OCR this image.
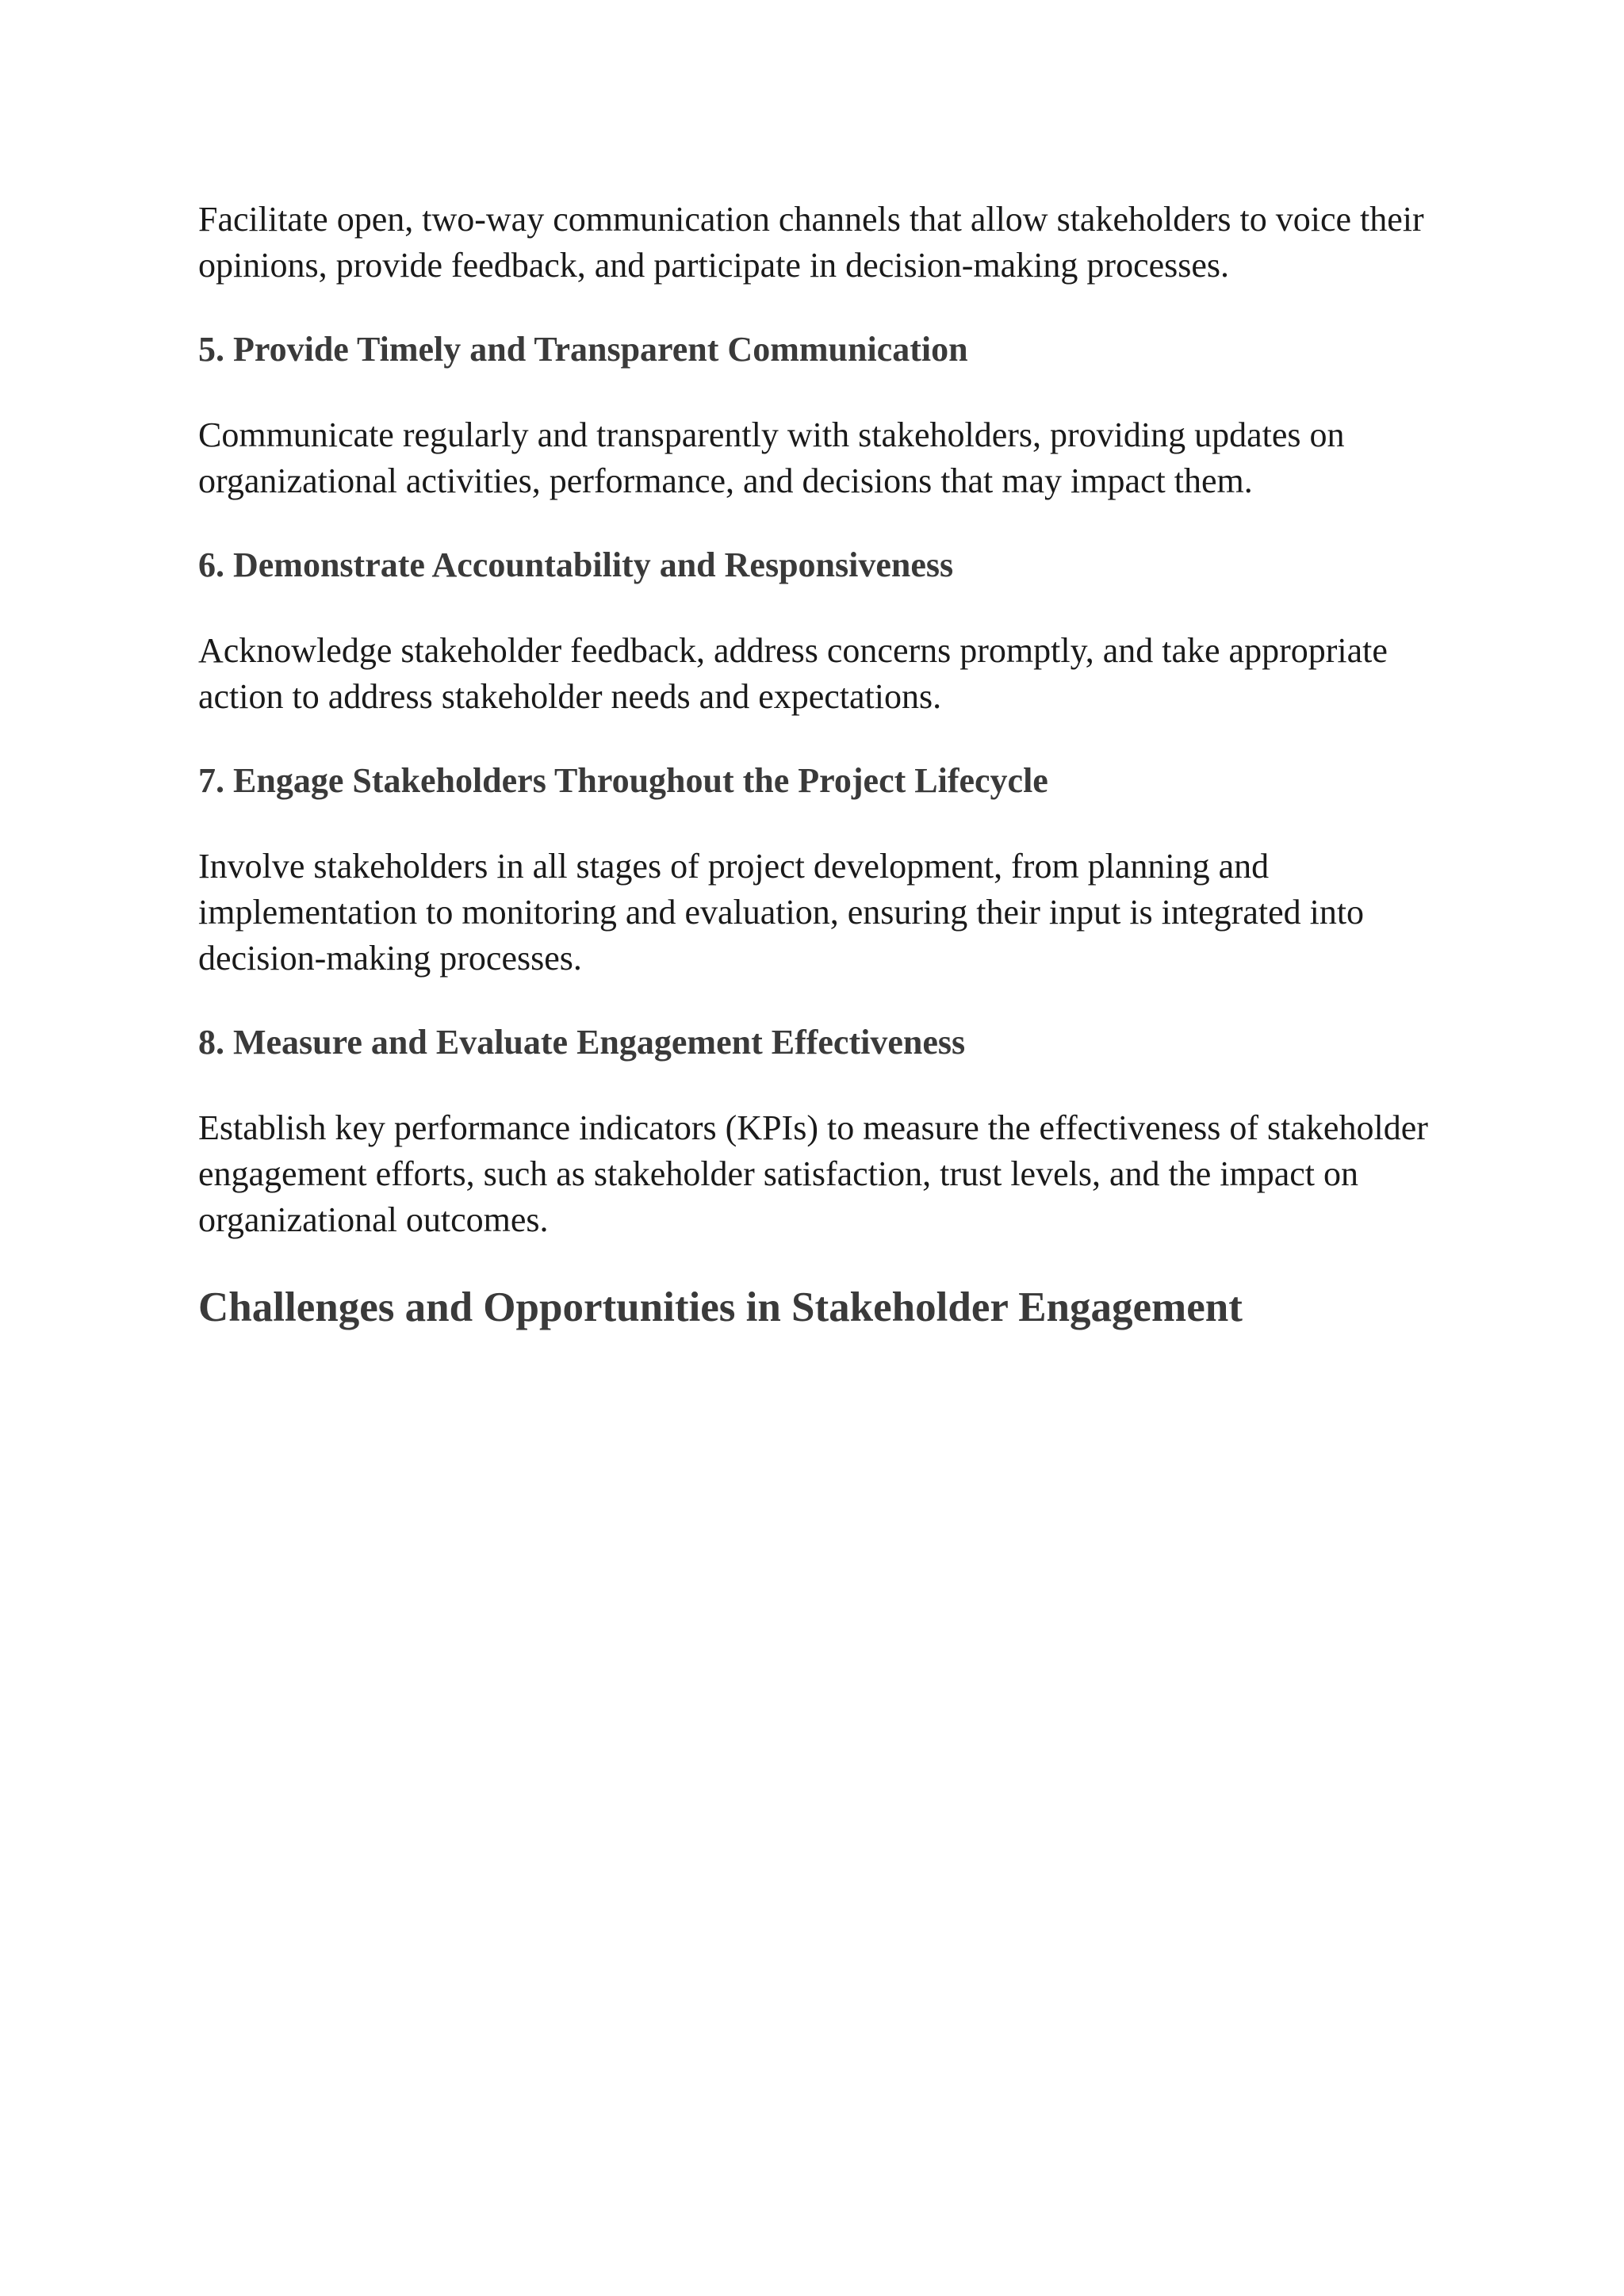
Facilitate open, two-way communication channels that allow stakeholders to voice their opinions, provide feedback, and participate in decision-making processes.

5. Provide Timely and Transparent Communication

Communicate regularly and transparently with stakeholders, providing updates on organizational activities, performance, and decisions that may impact them.

6. Demonstrate Accountability and Responsiveness

Acknowledge stakeholder feedback, address concerns promptly, and take appropriate action to address stakeholder needs and expectations.

7. Engage Stakeholders Throughout the Project Lifecycle

Involve stakeholders in all stages of project development, from planning and implementation to monitoring and evaluation, ensuring their input is integrated into decision-making processes.

8. Measure and Evaluate Engagement Effectiveness

Establish key performance indicators (KPIs) to measure the effectiveness of stakeholder engagement efforts, such as stakeholder satisfaction, trust levels, and the impact on organizational outcomes.

Challenges and Opportunities in Stakeholder Engagement
